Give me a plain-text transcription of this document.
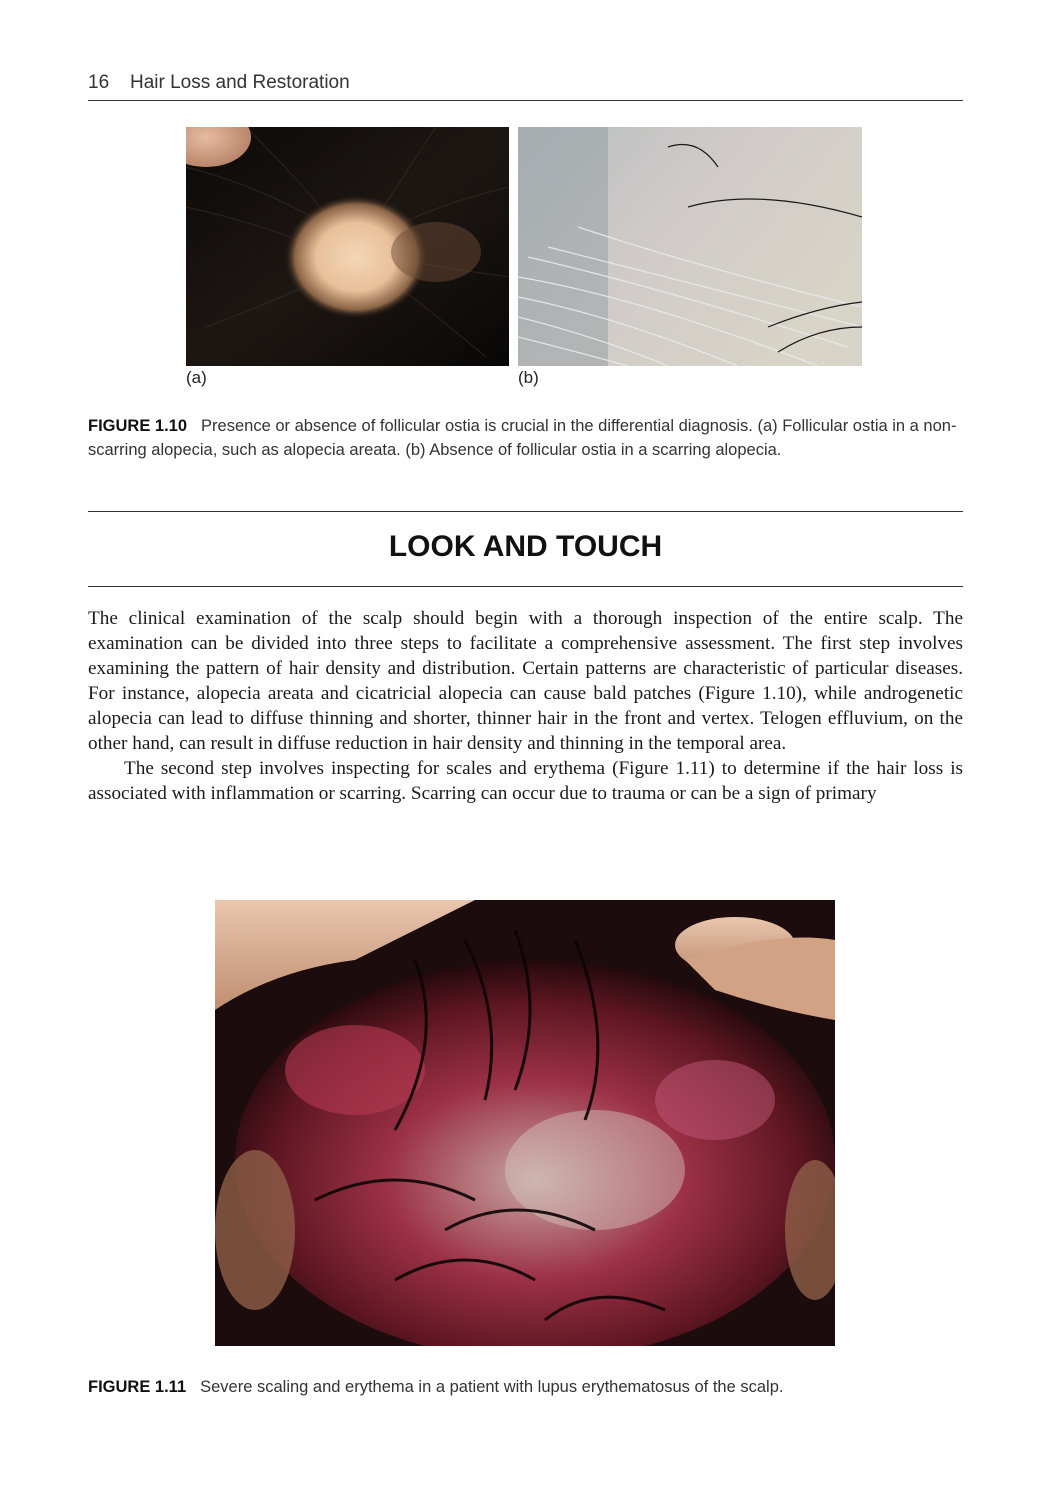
16 Hair Loss and Restoration
(a)	(b)
FIGURE 1.10 Presence or absence of follicular ostia is crucial in the differential diagnosis. (a) Follicular ostia in a non-scarring alopecia, such as alopecia areata. (b) Absence of follicular ostia in a scarring alopecia.
LOOK AND TOUCH

The clinical examination of the scalp should begin with a thorough inspection of the entire scalp. The examination can be divided into three steps to facilitate a comprehensive assessment. The first step involves examining the pattern of hair density and distribution. Certain patterns are characteristic of particular diseases. For instance, alopecia areata and cicatricial alopecia can cause bald patches (Figure 1.10), while androgenetic alopecia can lead to diffuse thinning and shorter, thinner hair in the front and vertex. Telogen effluvium, on the other hand, can result in diffuse reduction in hair density and thinning in the temporal area.

The second step involves inspecting for scales and erythema (Figure 1.11) to determine if the hair loss is associated with inflammation or scarring. Scarring can occur due to trauma or can be a sign of primary

FIGURE 1.11 Severe scaling and erythema in a patient with lupus erythematosus of the scalp.
